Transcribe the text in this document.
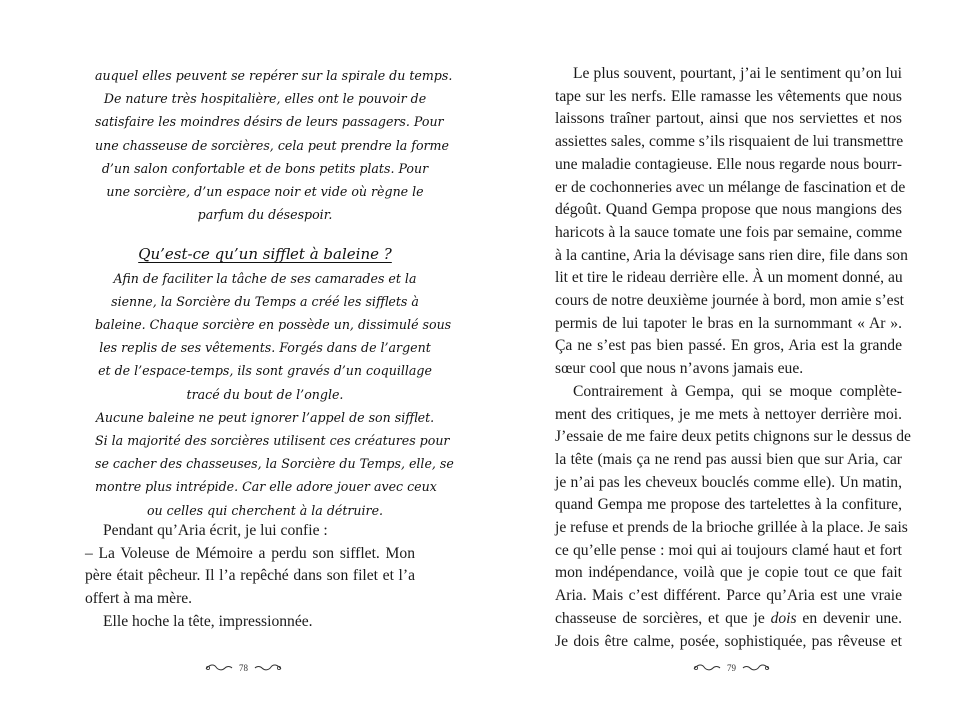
auquel elles peuvent se repérer sur la spirale du temps.
De nature très hospitalière, elles ont le pouvoir de
satisfaire les moindres désirs de leurs passagers. Pour
une chasseuse de sorcières, cela peut prendre la forme
d’un salon confortable et de bons petits plats. Pour
une sorcière, d’un espace noir et vide où règne le
parfum du désespoir.
Qu’est-ce qu’un sifflet à baleine ?
Afin de faciliter la tâche de ses camarades et la
sienne, la Sorcière du Temps a créé les sifflets à
baleine. Chaque sorcière en possède un, dissimulé sous
les replis de ses vêtements. Forgés dans de l’argent
et de l’espace-temps, ils sont gravés d’un coquillage
tracé du bout de l’ongle.
Aucune baleine ne peut ignorer l’appel de son sifflet.
Si la majorité des sorcières utilisent ces créatures pour
se cacher des chasseuses, la Sorcière du Temps, elle, se
montre plus intrépide. Car elle adore jouer avec ceux
ou celles qui cherchent à la détruire.
Pendant qu’Aria écrit, je lui confie :
– La Voleuse de Mémoire a perdu son sifflet. Mon
père était pêcheur. Il l’a repêché dans son filet et l’a
offert à ma mère.
Elle hoche la tête, impressionnée.
78
Le plus souvent, pourtant, j’ai le sentiment qu’on lui
tape sur les nerfs. Elle ramasse les vêtements que nous
laissons traîner partout, ainsi que nos serviettes et nos
assiettes sales, comme s’ils risquaient de lui transmettre
une maladie contagieuse. Elle nous regarde nous bourr-
er de cochonneries avec un mélange de fascination et de
dégoût. Quand Gempa propose que nous mangions des
haricots à la sauce tomate une fois par semaine, comme
à la cantine, Aria la dévisage sans rien dire, file dans son
lit et tire le rideau derrière elle. À un moment donné, au
cours de notre deuxième journée à bord, mon amie s’est
permis de lui tapoter le bras en la surnommant « Ar ».
Ça ne s’est pas bien passé. En gros, Aria est la grande
sœur cool que nous n’avons jamais eue.
Contrairement à Gempa, qui se moque complète-
ment des critiques, je me mets à nettoyer derrière moi.
J’essaie de me faire deux petits chignons sur le dessus de
la tête (mais ça ne rend pas aussi bien que sur Aria, car
je n’ai pas les cheveux bouclés comme elle). Un matin,
quand Gempa me propose des tartelettes à la confiture,
je refuse et prends de la brioche grillée à la place. Je sais
ce qu’elle pense : moi qui ai toujours clamé haut et fort
mon indépendance, voilà que je copie tout ce que fait
Aria. Mais c’est différent. Parce qu’Aria est une vraie
chasseuse de sorcières, et que je dois en devenir une.
Je dois être calme, posée, sophistiquée, pas rêveuse et
79
